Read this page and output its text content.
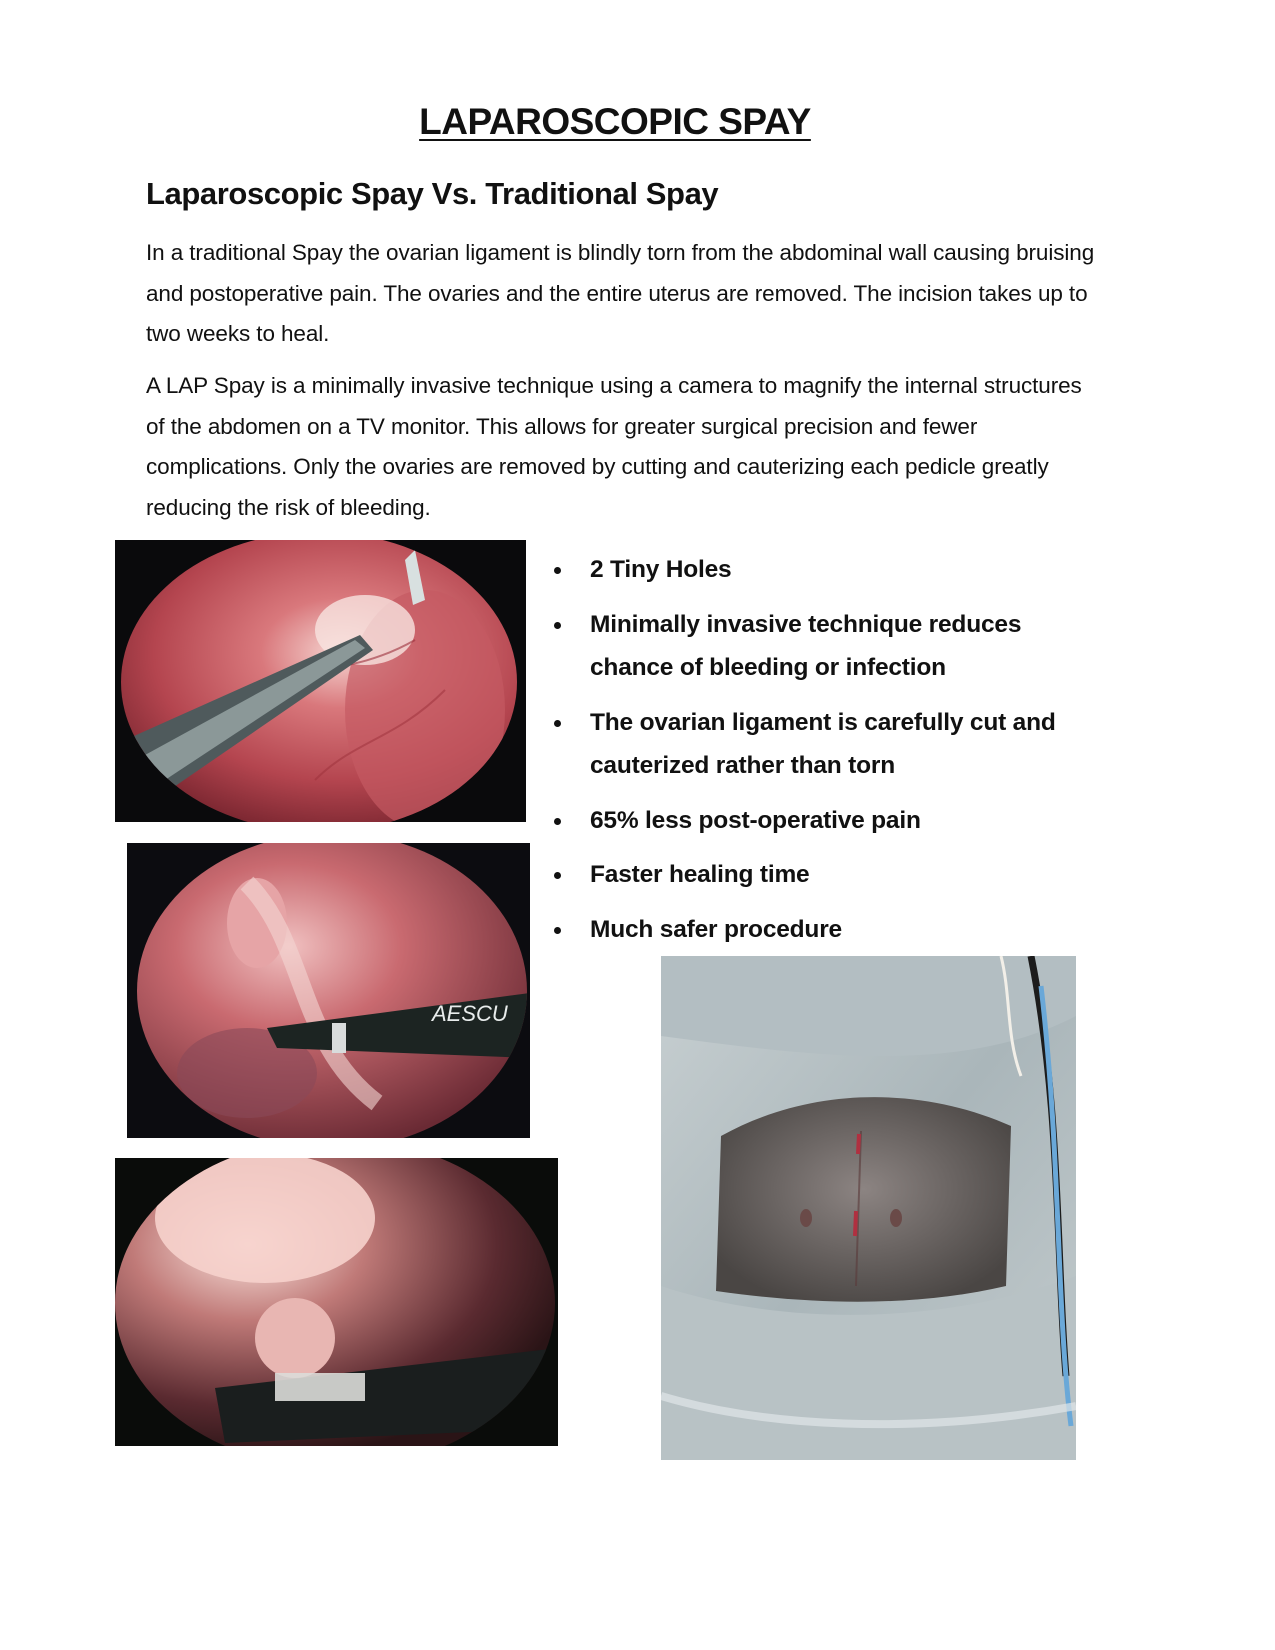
LAPAROSCOPIC SPAY
Laparoscopic Spay Vs. Traditional Spay

In a traditional Spay the ovarian ligament is blindly torn from the abdominal wall causing bruising and postoperative pain. The ovaries and the entire uterus are removed. The incision takes up to two weeks to heal.

A LAP Spay is a minimally invasive technique using a camera to magnify the internal structures of the abdomen on a TV monitor. This allows for greater surgical precision and fewer complications. Only the ovaries are removed by cutting and cauterizing each pedicle greatly reducing the risk of bleeding.

AESCU
2 Tiny Holes
Minimally invasive technique reduces chance of bleeding or infection
The ovarian ligament is carefully cut and cauterized rather than torn
65% less post-operative pain
Faster healing time
Much safer procedure
